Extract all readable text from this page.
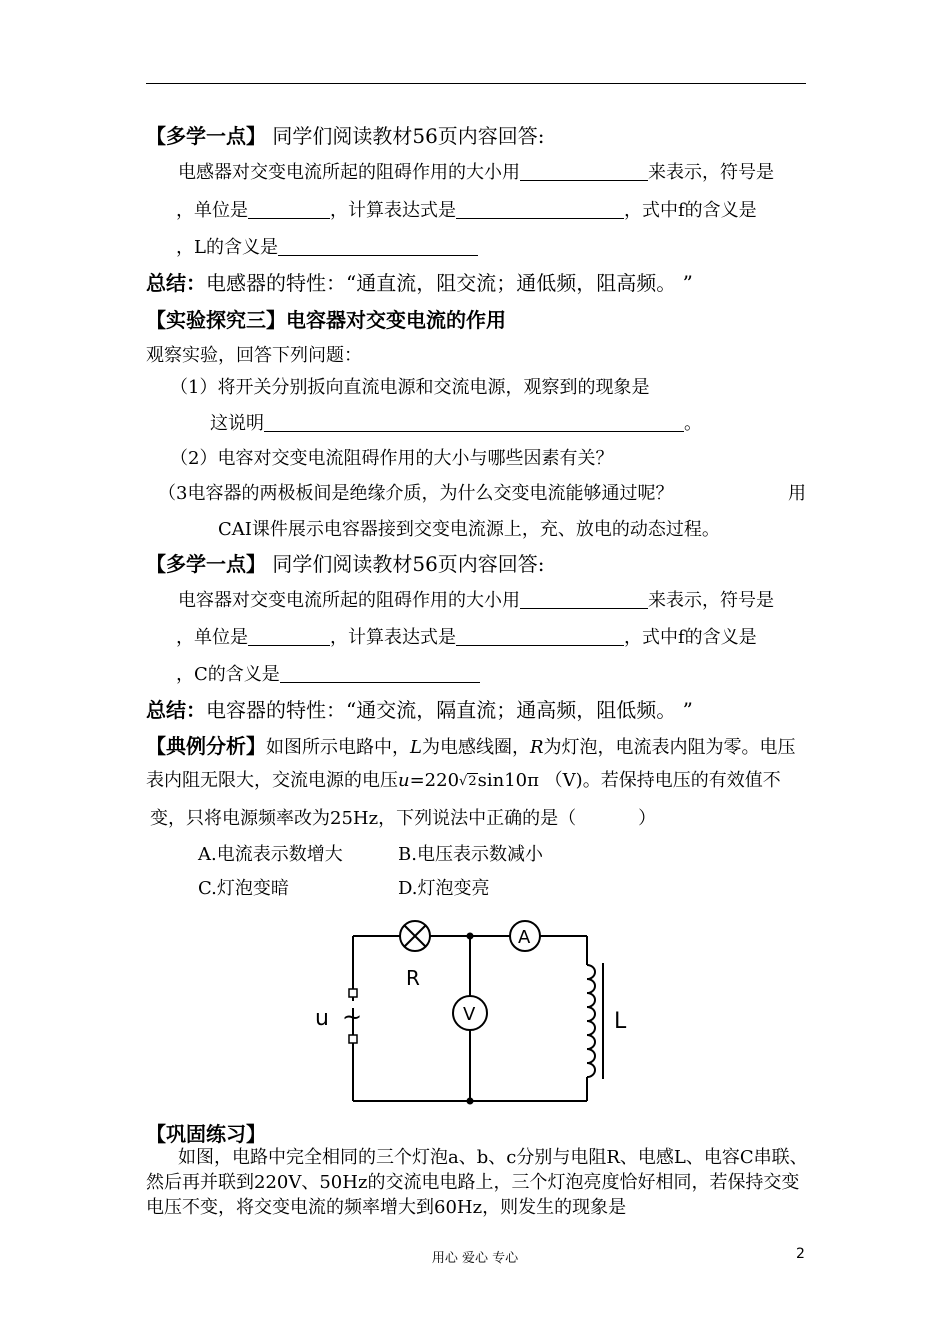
【多学一点】 同学们阅读教材56页内容回答:
电感器对交变电流所起的阻碍作用的大小用	来表示，符号是
，单位是	，计算表达式是	，式中f的含义是
，L的含义是
总结：电感器的特性：“通直流，阻交流；通低频，阻高频。 ”
【实验探究三】电容器对交变电流的作用
观察实验，回答下列问题：
（1）将开关分别扳向直流电源和交流电源，观察到的现象是
这说明	。
（2）电容对交变电流阻碍作用的大小与哪些因素有关？
（3电容器的两极板间是绝缘介质，为什么交变电流能够通过呢？	用
CAI课件展示电容器接到交变电流源上，充、放电的动态过程。
【多学一点】 同学们阅读教材56页内容回答:
电容器对交变电流所起的阻碍作用的大小用	来表示，符号是
，单位是	，计算表达式是	，式中f的含义是
，C的含义是
总结：电容器的特性：“通交流，隔直流；通高频，阻低频。 ”
【典例分析】如图所示电路中，L为电感线圈，R为灯泡，电流表内阻为零。电压
表内阻无限大，交流电源的电压u=220√2sin10π （V)。若保持电压的有效值不
变，只将电源频率改为25Hz，下列说法中正确的是（	）
A.电流表示数增大	B.电压表示数减小
C.灯泡变暗	D.灯泡变亮
R
A
V
u ~	L
【巩固练习】
如图，电路中完全相同的三个灯泡a、b、c分别与电阻R、电感L、电容C串联、
然后再并联到220V、50Hz的交流电电路上，三个灯泡亮度恰好相同，若保持交变
电压不变，将交变电流的频率增大到60Hz，则发生的现象是
用心 爱心 专心	2
